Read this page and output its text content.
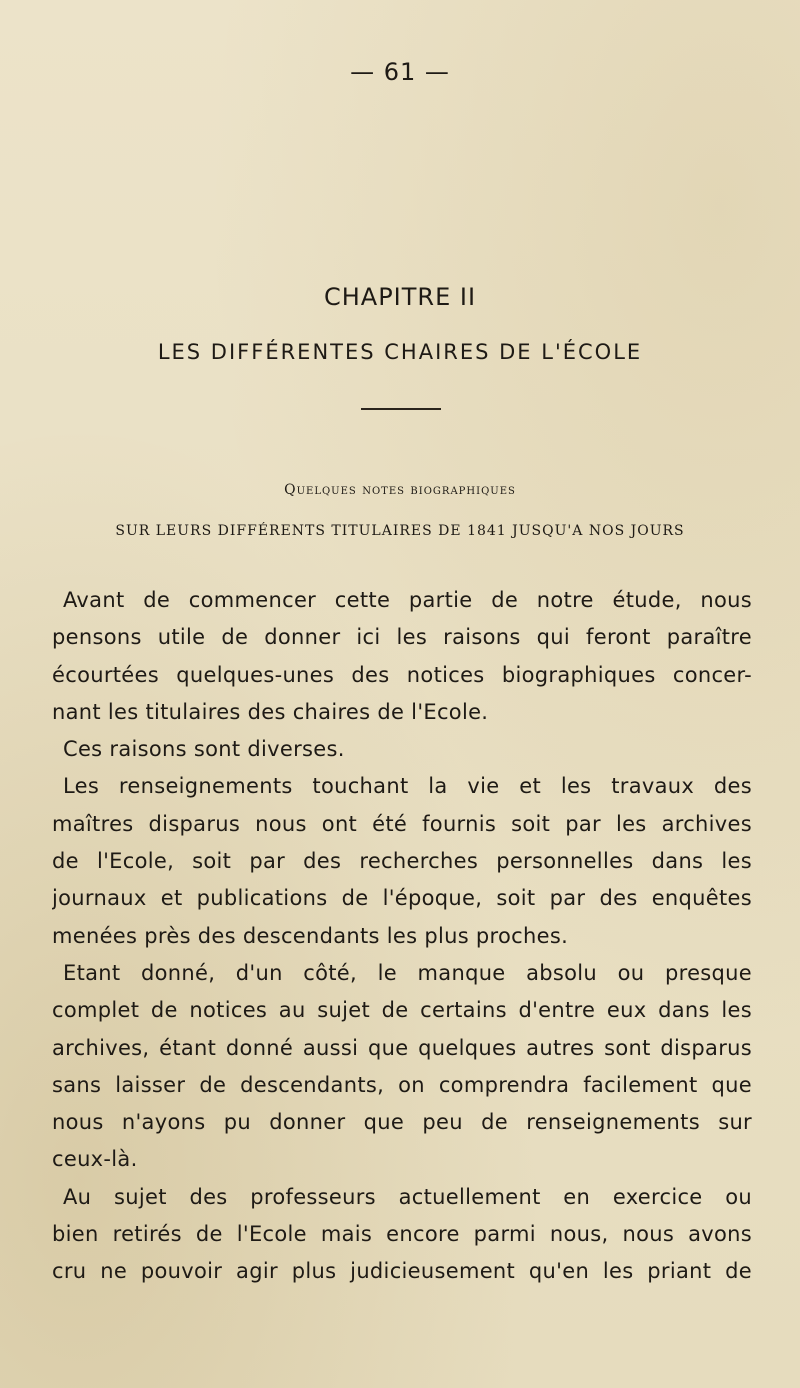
— 61 —
CHAPITRE II
LES DIFFÉRENTES CHAIRES DE L'ÉCOLE
Quelques notes biographiques
SUR LEURS DIFFÉRENTS TITULAIRES DE 1841 JUSQU'A NOS JOURS
Avant de commencer cette partie de notre étude, nous
pensons utile de donner ici les raisons qui feront paraître
écourtées quelques-unes des notices biographiques concer-
nant les titulaires des chaires de l'Ecole.
Ces raisons sont diverses.
Les renseignements touchant la vie et les travaux des
maîtres disparus nous ont été fournis soit par les archives
de l'Ecole, soit par des recherches personnelles dans les
journaux et publications de l'époque, soit par des enquêtes
menées près des descendants les plus proches.
Etant donné, d'un côté, le manque absolu ou presque
complet de notices au sujet de certains d'entre eux dans les
archives, étant donné aussi que quelques autres sont disparus
sans laisser de descendants, on comprendra facilement que
nous n'ayons pu donner que peu de renseignements sur
ceux-là.
Au sujet des professeurs actuellement en exercice ou
bien retirés de l'Ecole mais encore parmi nous, nous avons
cru ne pouvoir agir plus judicieusement qu'en les priant de
